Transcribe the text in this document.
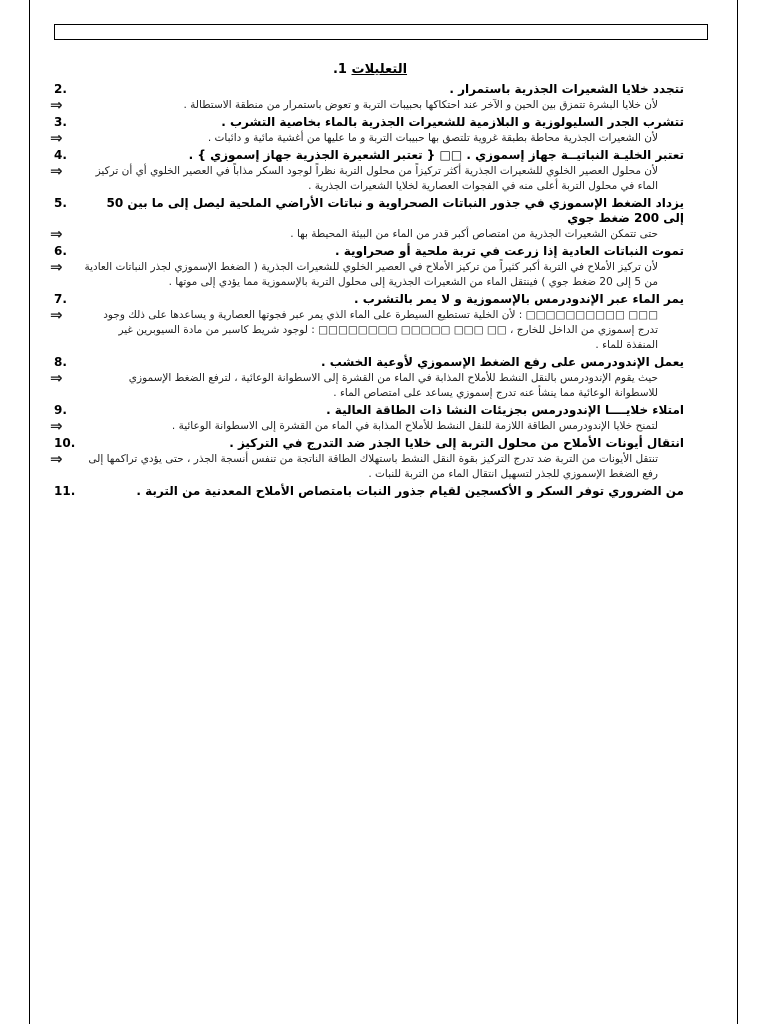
التعليلات 1.
2.	تتجدد خلايا الشعيرات الجذرية باستمرار .
⇒	لأن خلايا البشرة تتمزق بين الحين و الآخر عند احتكاكها بحبيبات التربة و تعوض باستمرار من منطقة الاستطالة .
3.	تتشرب الجدر السليولوزية و البلازمية للشعيرات الجذرية بالماء بخاصية التشرب .
⇒	لأن الشعيرات الجذرية محاطة بطبقة غروية تلتصق بها حبيبات التربة و ما عليها من أغشية مائية و دائبات .
4.	تعتبر الخليـة النباتيــة جهاز إسموزي . □□ { تعتبر الشعيرة الجذرية جهاز إسموزي } .
⇒	لأن محلول العصير الخلوي للشعيرات الجذرية أكثر تركيزاً من محلول التربة نظراً لوجود السكر مذاباً في العصير الخلوي أي أن تركيز الماء في محلول التربة أعلى منه في الفجوات العصارية لخلايا الشعيرات الجذرية .
5.	يزداد الضغط الإسموزي في جذور النباتات الصحراوية و نباتات الأراضي الملحية ليصل إلى ما بين 50 إلى 200 ضغط جوي
⇒	حتى تتمكن الشعيرات الجذرية من امتصاص أكبر قدر من الماء من البيئة المحيطة بها .
6.	تموت النباتات العادية إذا زرعت في تربة ملحية أو صحراوية .
⇒	لأن تركيز الأملاح في التربة أكبر كثيراً من تركيز الأملاح في العصير الخلوي للشعيرات الجذرية ( الضغط الإسموزي لجذر النباتات العادية من 5 إلى 20 ضغط جوي ) فينتقل الماء من الشعيرات الجذرية إلى محلول التربة بالإسموزية مما يؤدي إلى موتها .
7.	يمر الماء عبر الإندودرمس بالإسموزية و لا يمر بالتشرب .
⇒	□□□ □□□□□□□□□□ : لأن الخلية تستطيع السيطرة على الماء الذي يمر عبر فجوتها العصارية و يساعدها على ذلك وجود تدرج إسموزي من الداخل للخارج ، □□ □□□ □□□□□ □□□□□□□□ : لوجود شريط كاسبر من مادة السيوبرين غير المنفذة للماء .
8.	يعمل الإندودرمس على رفع الضغط الإسموزي لأوعية الخشب .
⇒	حيث يقوم الإندودرمس بالنقل النشط للأملاح المذابة في الماء من القشرة إلى الاسطوانة الوعائية ، لترفع الضغط الإسموزي للاسطوانة الوعائية مما ينشأ عنه تدرج إسموزي يساعد على امتصاص الماء .
9.	امتلاء خلايــــا الإندودرمس بجزيئات النشا ذات الطاقة العالية .
⇒	لتمنح خلايا الإندودرمس الطاقة اللازمة للنقل النشط للأملاح المذابة في الماء من القشرة إلى الاسطوانة الوعائية .
10.	انتقال أيونات الأملاح من محلول التربة إلى خلايا الجذر ضد التدرج في التركيز .
⇒	تنتقل الأيونات من التربة ضد تدرج التركيز بقوة النقل النشط باستهلاك الطاقة الناتجة من تنفس أنسجة الجذر ، حتى يؤدي تراكمها إلى رفع الضغط الإسموزي للجذر لتسهيل انتقال الماء من التربة للنبات .
11.	من الضروري توفر السكر و الأكسجين لقيام جذور النبات بامتصاص الأملاح المعدنية من التربة .
